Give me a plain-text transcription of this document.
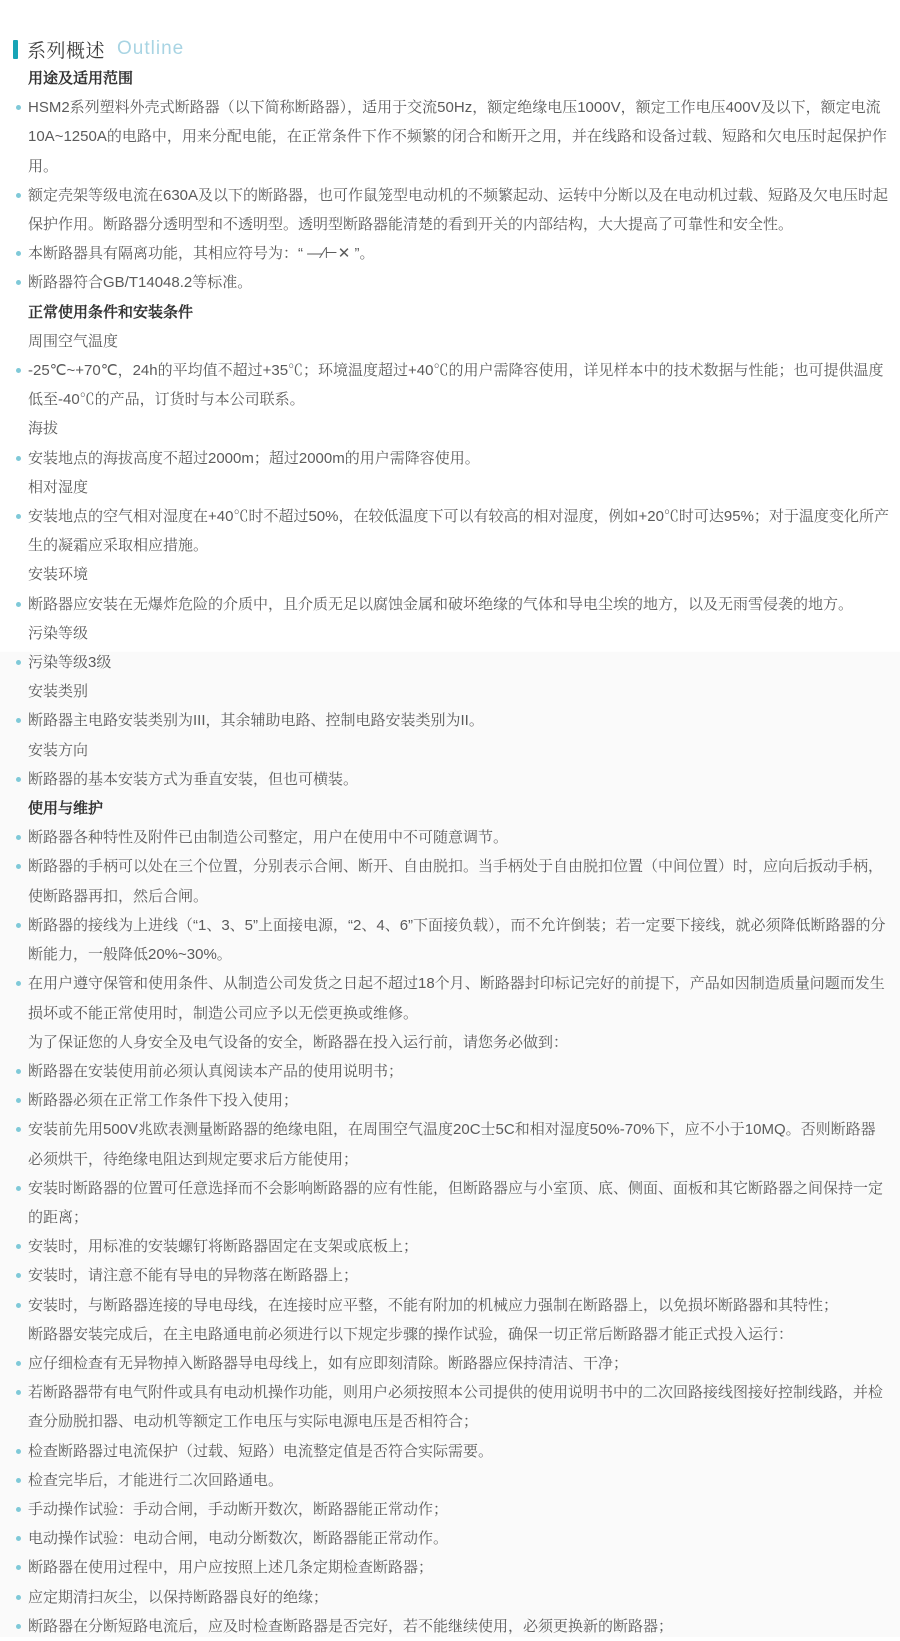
系列概述 Outline
用途及适用范围
HSM2系列塑料外壳式断路器（以下简称断路器），适用于交流50Hz，额定绝缘电压1000V，额定工作电压400V及以下，额定电流10A~1250A的电路中，用来分配电能，在正常条件下作不频繁的闭合和断开之用，并在线路和设备过载、短路和欠电压时起保护作用。
额定壳架等级电流在630A及以下的断路器，也可作鼠笼型电动机的不频繁起动、运转中分断以及在电动机过载、短路及欠电压时起保护作用。断路器分透明型和不透明型。透明型断路器能清楚的看到开关的内部结构，大大提高了可靠性和安全性。
本断路器具有隔离功能，其相应符号为：“ —∕⊢✕ ”。
断路器符合GB/T14048.2等标准。
正常使用条件和安装条件
周围空气温度
-25℃~+70℃，24h的平均值不超过+35℃；环境温度超过+40℃的用户需降容使用，详见样本中的技术数据与性能；也可提供温度低至-40℃的产品，订货时与本公司联系。
海拔
安装地点的海拔高度不超过2000m；超过2000m的用户需降容使用。
相对湿度
安装地点的空气相对湿度在+40℃时不超过50%，在较低温度下可以有较高的相对湿度，例如+20℃时可达95%；对于温度变化所产生的凝霜应采取相应措施。
安装环境
断路器应安装在无爆炸危险的介质中，且介质无足以腐蚀金属和破坏绝缘的气体和导电尘埃的地方，以及无雨雪侵袭的地方。
污染等级
污染等级3级
安装类别
断路器主电路安装类别为III，其余辅助电路、控制电路安装类别为II。
安装方向
断路器的基本安装方式为垂直安装，但也可横装。
使用与维护
断路器各种特性及附件已由制造公司整定，用户在使用中不可随意调节。
断路器的手柄可以处在三个位置，分别表示合闸、断开、自由脱扣。当手柄处于自由脱扣位置（中间位置）时，应向后扳动手柄，使断路器再扣，然后合闸。
断路器的接线为上进线（“1、3、5”上面接电源，“2、4、6”下面接负载），而不允许倒装；若一定要下接线，就必须降低断路器的分断能力，一般降低20%~30%。
在用户遵守保管和使用条件、从制造公司发货之日起不超过18个月、断路器封印标记完好的前提下，产品如因制造质量问题而发生损坏或不能正常使用时，制造公司应予以无偿更换或维修。
为了保证您的人身安全及电气设备的安全，断路器在投入运行前，请您务必做到：
断路器在安装使用前必须认真阅读本产品的使用说明书；
断路器必须在正常工作条件下投入使用；
安装前先用500V兆欧表测量断路器的绝缘电阻，在周围空气温度20C士5C和相对湿度50%-70%下，应不小于10MQ。否则断路器必须烘干，待绝缘电阻达到规定要求后方能使用；
安装时断路器的位置可任意选择而不会影响断路器的应有性能，但断路器应与小室顶、底、侧面、面板和其它断路器之间保持一定的距离；
安装时，用标准的安装螺钉将断路器固定在支架或底板上；
安装时，请注意不能有导电的异物落在断路器上；
安装时，与断路器连接的导电母线，在连接时应平整，不能有附加的机械应力强制在断路器上，以免损坏断路器和其特性；
断路器安装完成后，在主电路通电前必须进行以下规定步骤的操作试验，确保一切正常后断路器才能正式投入运行：
应仔细检查有无异物掉入断路器导电母线上，如有应即刻清除。断路器应保持清洁、干净；
若断路器带有电气附件或具有电动机操作功能，则用户必须按照本公司提供的使用说明书中的二次回路接线图接好控制线路，并检查分励脱扣器、电动机等额定工作电压与实际电源电压是否相符合；
检查断路器过电流保护（过载、短路）电流整定值是否符合实际需要。
检查完毕后，才能进行二次回路通电。
手动操作试验：手动合闸，手动断开数次，断路器能正常动作；
电动操作试验：电动合闸，电动分断数次，断路器能正常动作。
断路器在使用过程中，用户应按照上述几条定期检查断路器；
应定期清扫灰尘，以保持断路器良好的绝缘；
断路器在分断短路电流后，应及时检查断路器是否完好，若不能继续使用，必须更换新的断路器；
